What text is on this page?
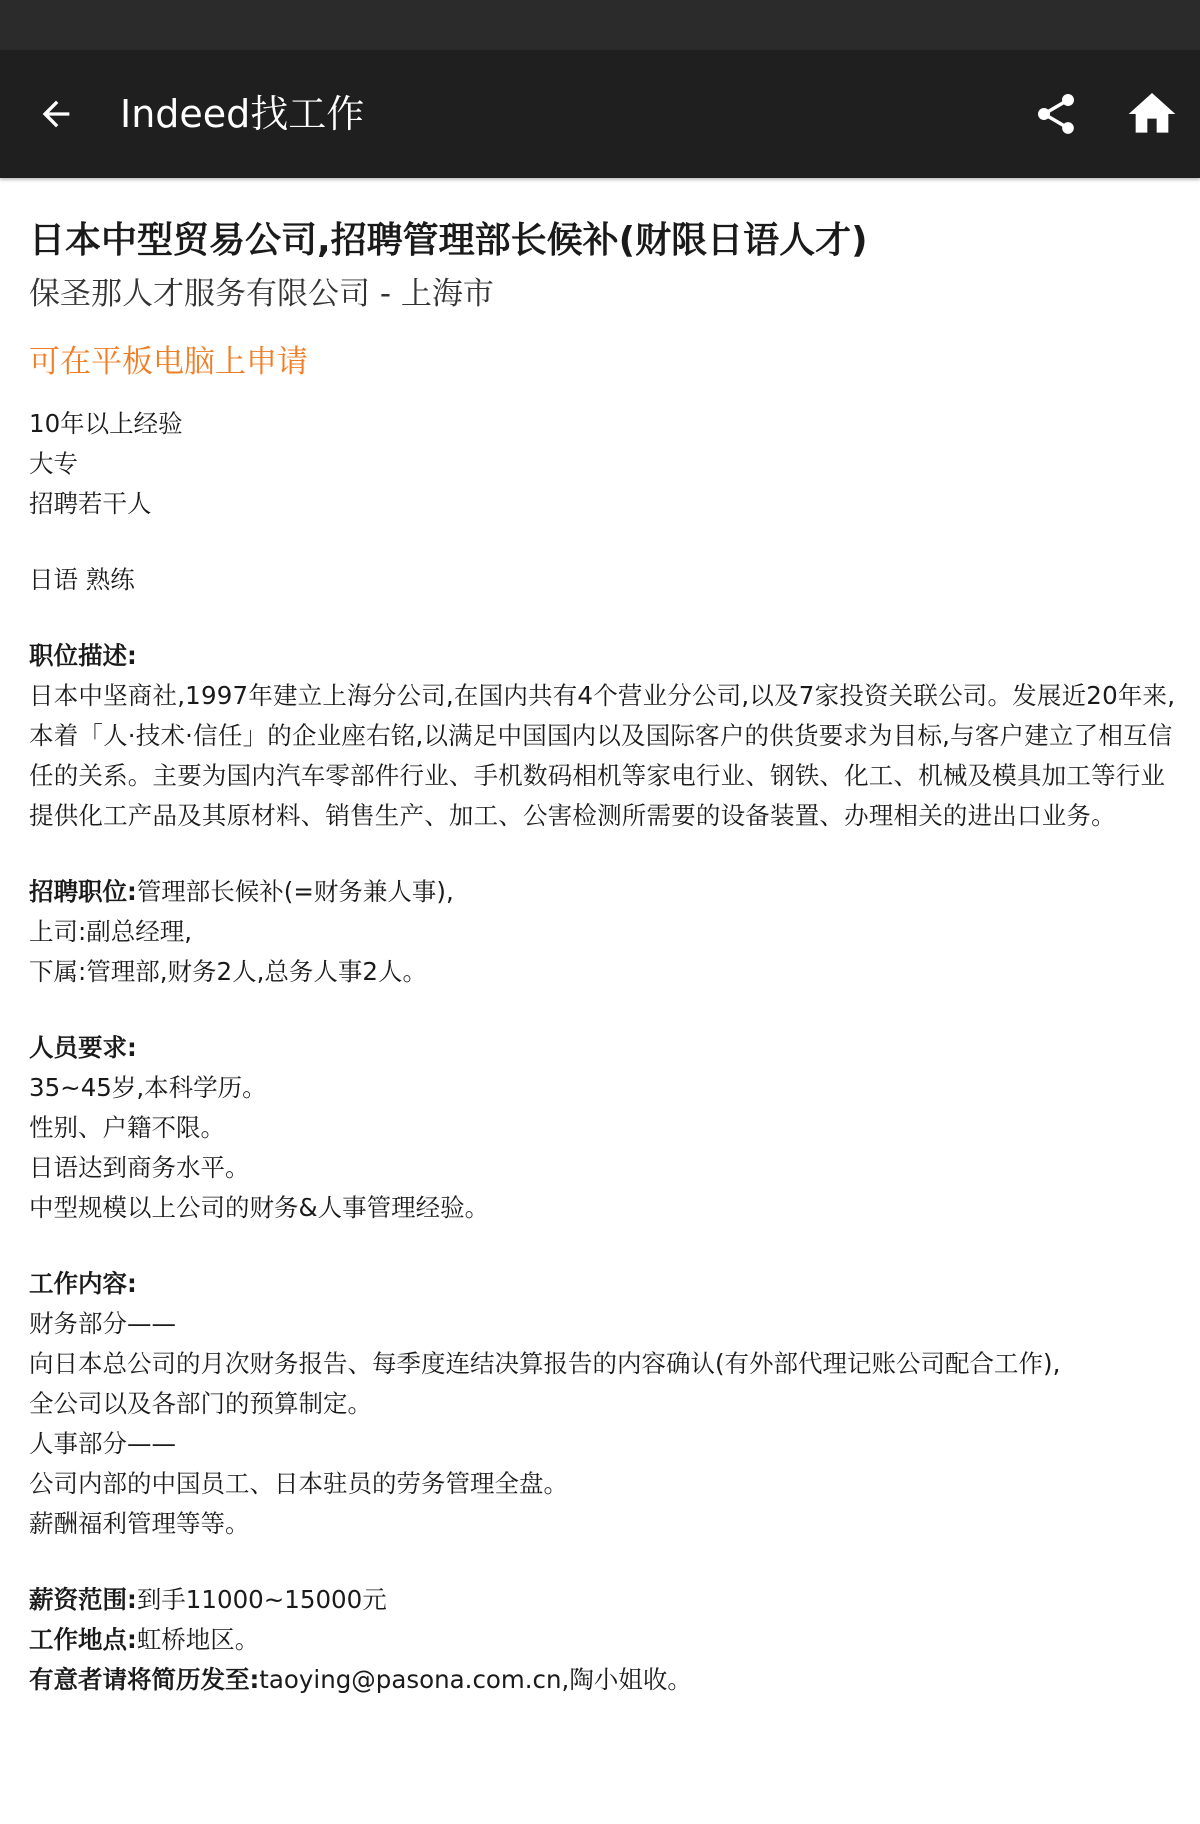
Indeed找工作
日本中型贸易公司,招聘管理部长候补(财限日语人才)
保圣那人才服务有限公司 - 上海市
可在平板电脑上申请
10年以上经验
大专
招聘若干人
日语 熟练
职位描述:
日本中坚商社,1997年建立上海分公司,在国内共有4个营业分公司,以及7家投资关联公司。发展近20年来,本着「人·技术·信任」的企业座右铭,以满足中国国内以及国际客户的供货要求为目标,与客户建立了相互信任的关系。主要为国内汽车零部件行业、手机数码相机等家电行业、钢铁、化工、机械及模具加工等行业提供化工产品及其原材料、销售生产、加工、公害检测所需要的设备装置、办理相关的进出口业务。
招聘职位:管理部长候补(=财务兼人事),
上司:副总经理,
下属:管理部,财务2人,总务人事2人。
人员要求:
35~45岁,本科学历。
性别、户籍不限。
日语达到商务水平。
中型规模以上公司的财务&人事管理经验。
工作内容:
财务部分——
向日本总公司的月次财务报告、每季度连结决算报告的内容确认(有外部代理记账公司配合工作),
全公司以及各部门的预算制定。
人事部分——
公司内部的中国员工、日本驻员的劳务管理全盘。
薪酬福利管理等等。
薪资范围:到手11000~15000元
工作地点:虹桥地区。
有意者请将简历发至:taoying@pasona.com.cn,陶小姐收。
